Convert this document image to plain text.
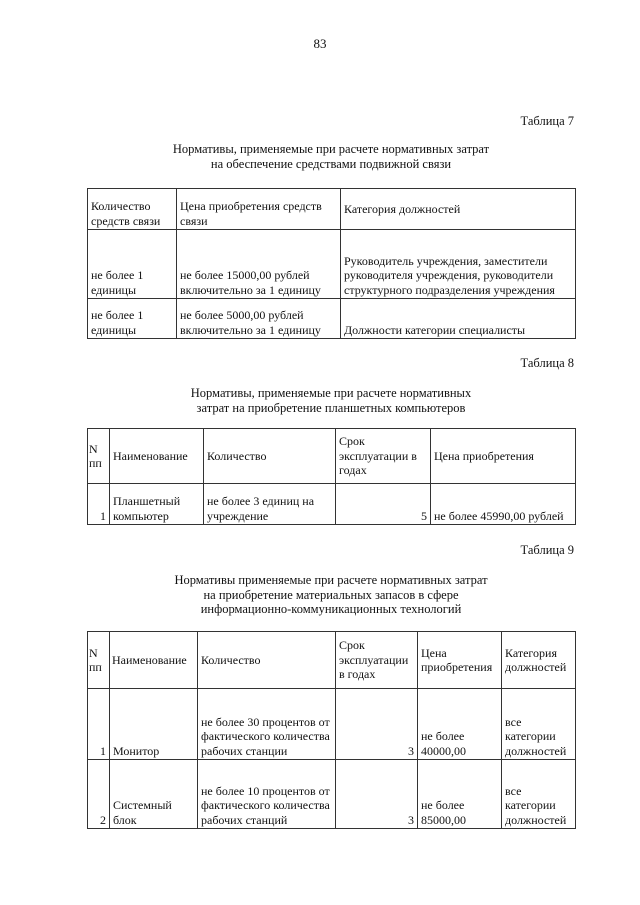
83
Таблица 7
Нормативы, применяемые при расчете нормативных затрат
на обеспечение средствами подвижной связи
Количество средств связи	Цена приобретения средств связи	Категория должностей
не более 1 единицы	не более 15000,00 рублей включительно за 1 единицу	Руководитель учреждения, заместители руководителя учреждения, руководители структурного подразделения учреждения
не более 1 единицы	не более 5000,00 рублей включительно за 1 единицу	Должности категории специалисты
Таблица 8
Нормативы, применяемые при расчете нормативных
затрат на приобретение планшетных компьютеров
N пп	Наименование	Количество	Срок эксплуатации в годах	Цена приобретения
1	Планшетный компьютер	не более 3 единиц на учреждение	5	не более 45990,00 рублей
Таблица 9
Нормативы применяемые при расчете нормативных затрат
на приобретение материальных запасов в сфере
информационно-коммуникационных технологий
N пп	Наименование	Количество	Срок эксплуатации в годах	Цена приобретения	Категория должностей
1	Монитор	не более 30 процентов от фактического количества рабочих станции	3	не более 40000,00	все категории должностей
2	Системный блок	не более 10 процентов от фактического количества рабочих станций	3	не более 85000,00	все категории должностей
